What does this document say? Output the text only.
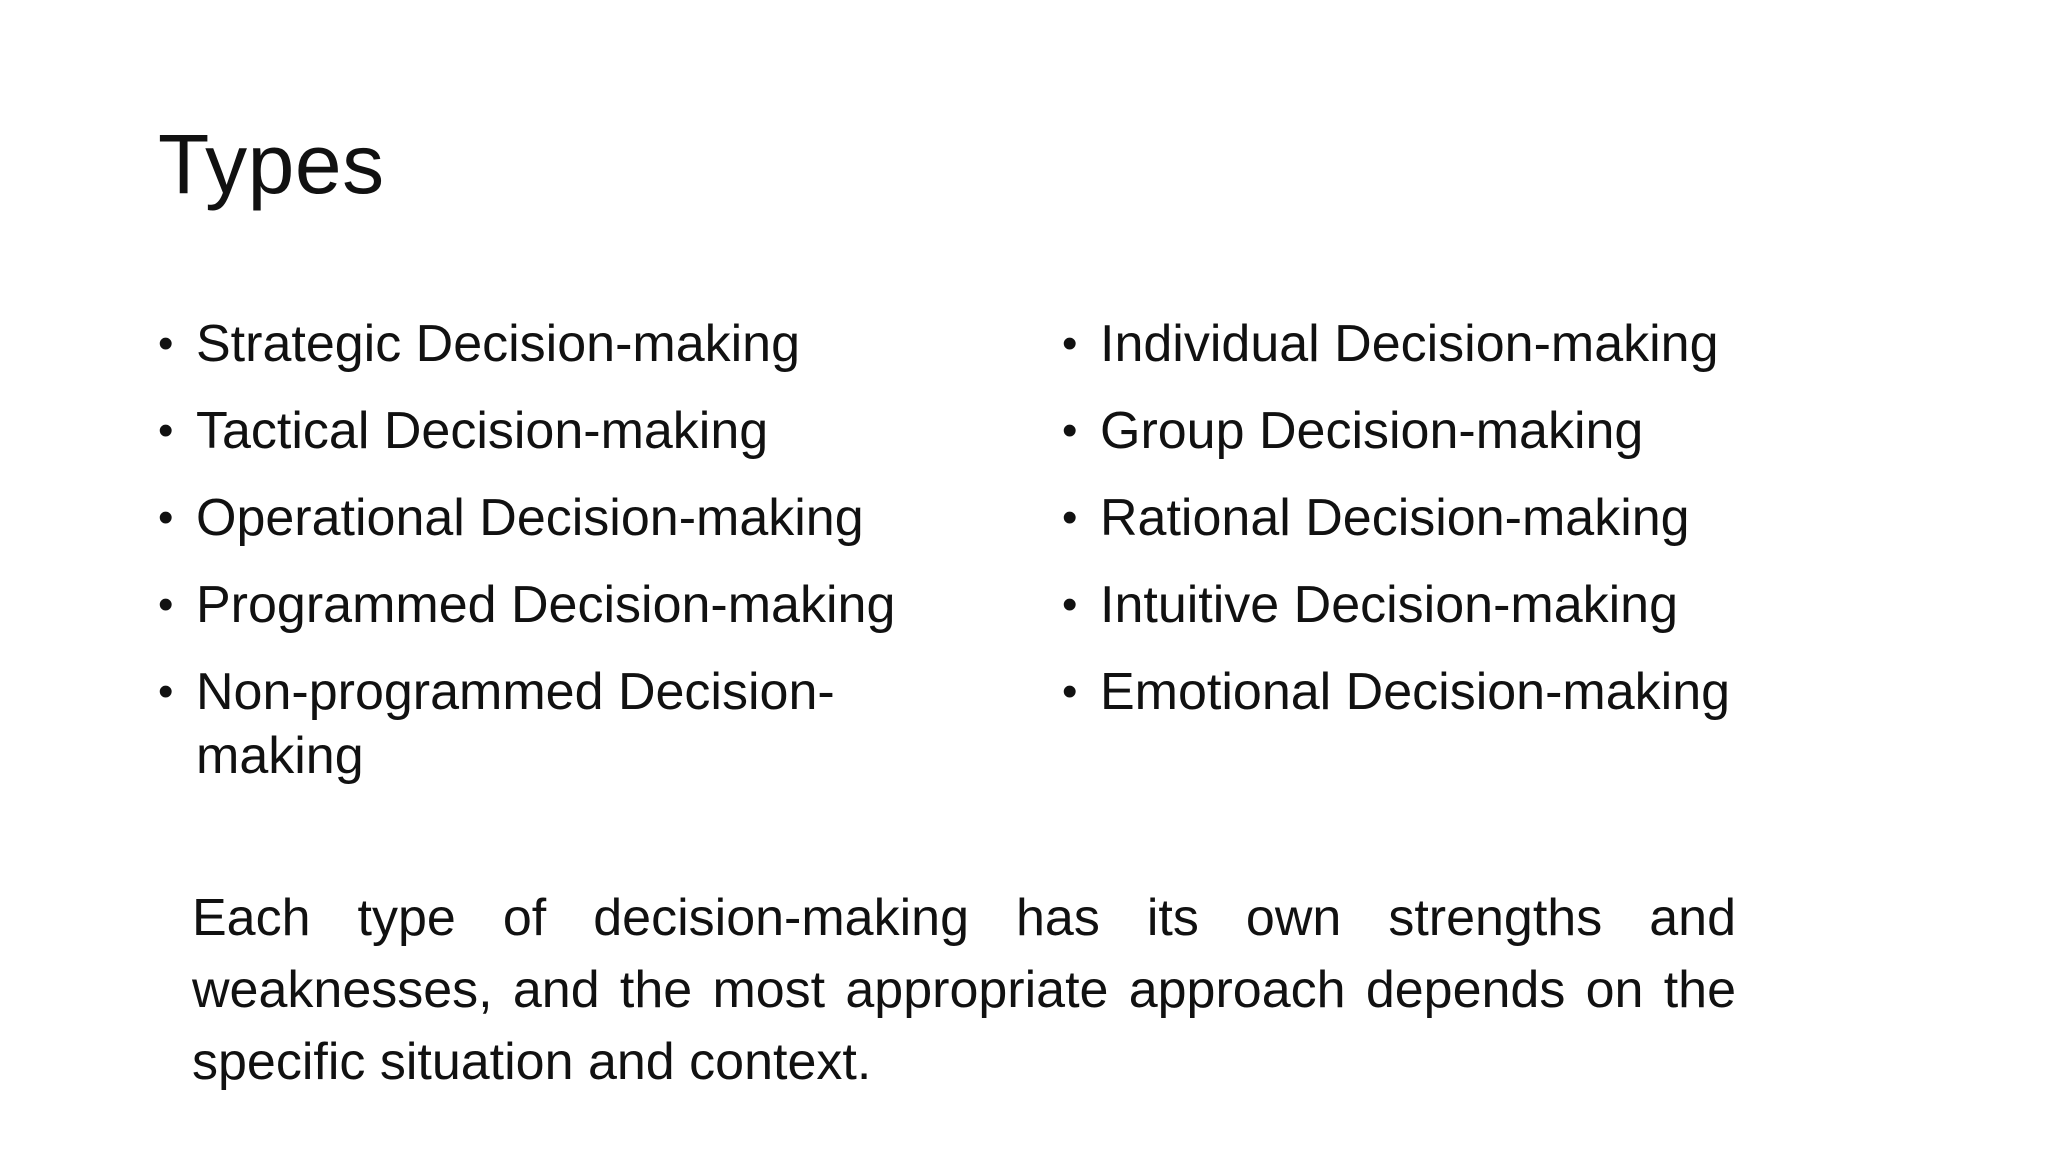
Types
• Strategic Decision-making
• Tactical Decision-making
• Operational Decision-making
• Programmed Decision-making
• Non-programmed Decision-making
• Individual Decision-making
• Group Decision-making
• Rational Decision-making
• Intuitive Decision-making
• Emotional Decision-making
Each type of decision-making has its own strengths and weaknesses, and the most appropriate approach depends on the specific situation and context.
